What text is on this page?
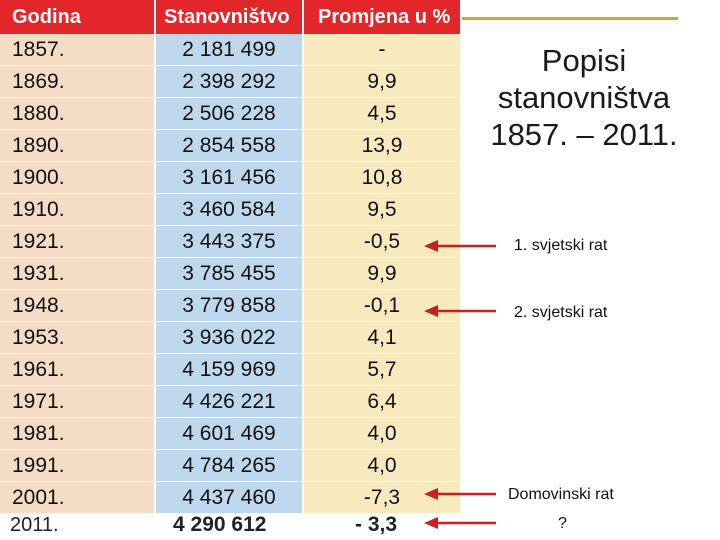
Godina	Stanovništvo	Promjena u %
1857.	2 181 499	-
1869.	2 398 292	9,9
1880.	2 506 228	4,5
1890.	2 854 558	13,9
1900.	3 161 456	10,8
1910.	3 460 584	9,5
1921.	3 443 375	-0,5
1931.	3 785 455	9,9
1948.	3 779 858	-0,1
1953.	3 936 022	4,1
1961.	4 159 969	5,7
1971.	4 426 221	6,4
1981.	4 601 469	4,0
1991.	4 784 265	4,0
2001.	4 437 460	-7,3
2011.	4 290 612	- 3,3
Popisi
stanovništva
1857. – 2011.
1. svjetski rat
2. svjetski rat
Domovinski rat
?
